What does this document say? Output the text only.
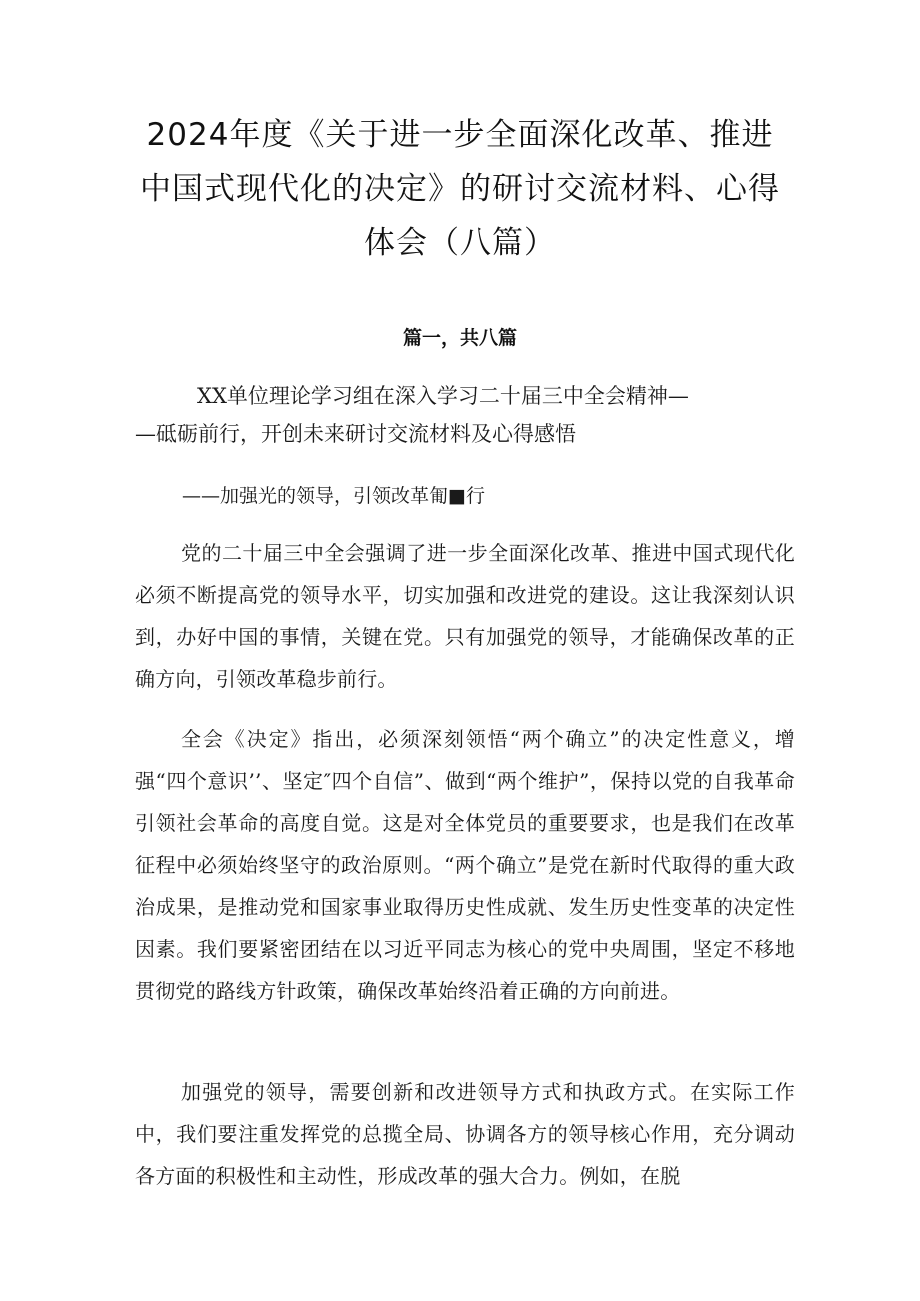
2024年度《关于进一步全面深化改革、推进中国式现代化的决定》的研讨交流材料、心得体会（八篇）
篇一，共八篇

XX单位理论学习组在深入学习二十届三中全会精神—
—砥砺前行，开创未来研讨交流材料及心得感悟

——加强光的领导，引领改革匍■行

党的二十届三中全会强调了进一步全面深化改革、推进中国式现代化必须不断提高党的领导水平，切实加强和改进党的建设。这让我深刻认识到，办好中国的事情，关键在党。只有加强党的领导，才能确保改革的正确方向，引领改革稳步前行。

全会《决定》指出，必须深刻领悟“两个确立”的决定性意义，增强“四个意识’’、坚定″四个自信”、做到“两个维护”，保持以党的自我革命引领社会革命的高度自觉。这是对全体党员的重要要求，也是我们在改革征程中必须始终坚守的政治原则。“两个确立”是党在新时代取得的重大政治成果，是推动党和国家事业取得历史性成就、发生历史性变革的决定性因素。我们要紧密团结在以习近平同志为核心的党中央周围，坚定不移地贯彻党的路线方针政策，确保改革始终沿着正确的方向前进。

加强党的领导，需要创新和改进领导方式和执政方式。在实际工作中，我们要注重发挥党的总揽全局、协调各方的领导核心作用，充分调动各方面的积极性和主动性，形成改革的强大合力。例如，在脱
